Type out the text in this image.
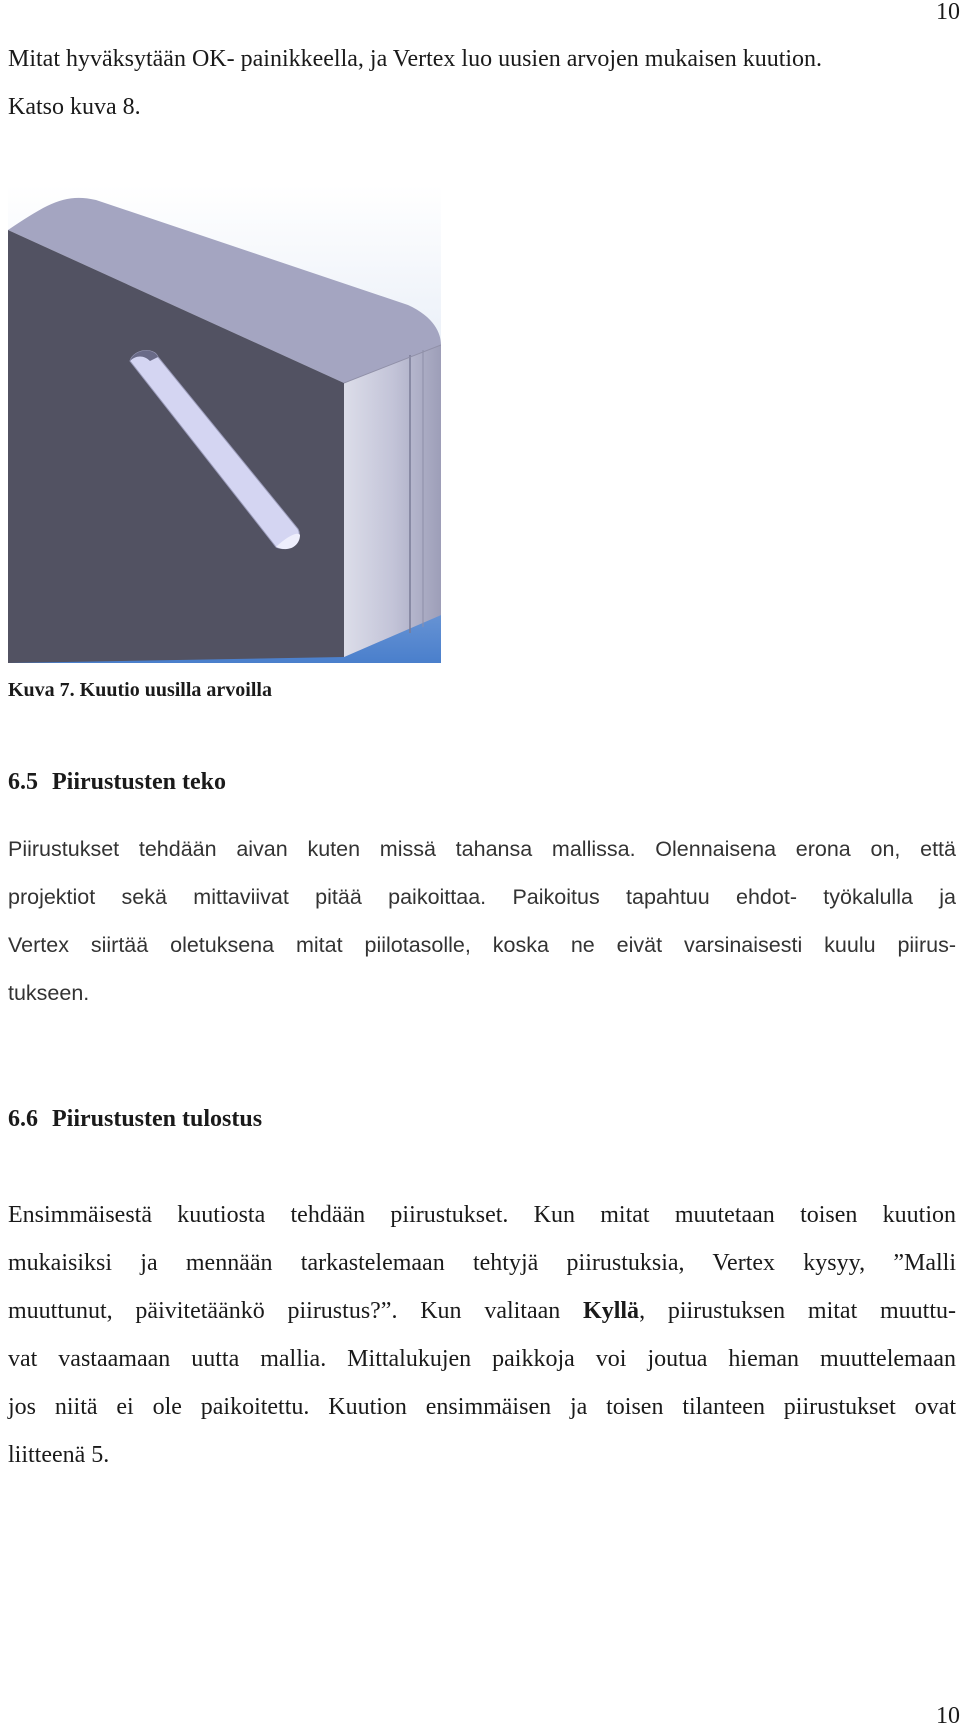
10
Mitat hyväksytään OK- painikkeella, ja Vertex luo uusien arvojen mukaisen kuution.
Katso kuva 8.
Kuva 7. Kuutio uusilla arvoilla
6.5 Piirustusten teko
Piirustukset tehdään aivan kuten missä tahansa mallissa. Olennaisena erona on, että
projektiot sekä mittaviivat pitää paikoittaa. Paikoitus tapahtuu ehdot- työkalulla ja
Vertex siirtää oletuksena mitat piilotasolle, koska ne eivät varsinaisesti kuulu piirus-
tukseen.
6.6 Piirustusten tulostus
Ensimmäisestä kuutiosta tehdään piirustukset. Kun mitat muutetaan toisen kuution
mukaisiksi ja mennään tarkastelemaan tehtyjä piirustuksia, Vertex kysyy, ”Malli
muuttunut, päivitetäänkö piirustus?”. Kun valitaan Kyllä, piirustuksen mitat muuttu-
vat vastaamaan uutta mallia. Mittalukujen paikkoja voi joutua hieman muuttelemaan
jos niitä ei ole paikoitettu. Kuution ensimmäisen ja toisen tilanteen piirustukset ovat
liitteenä 5.
10
